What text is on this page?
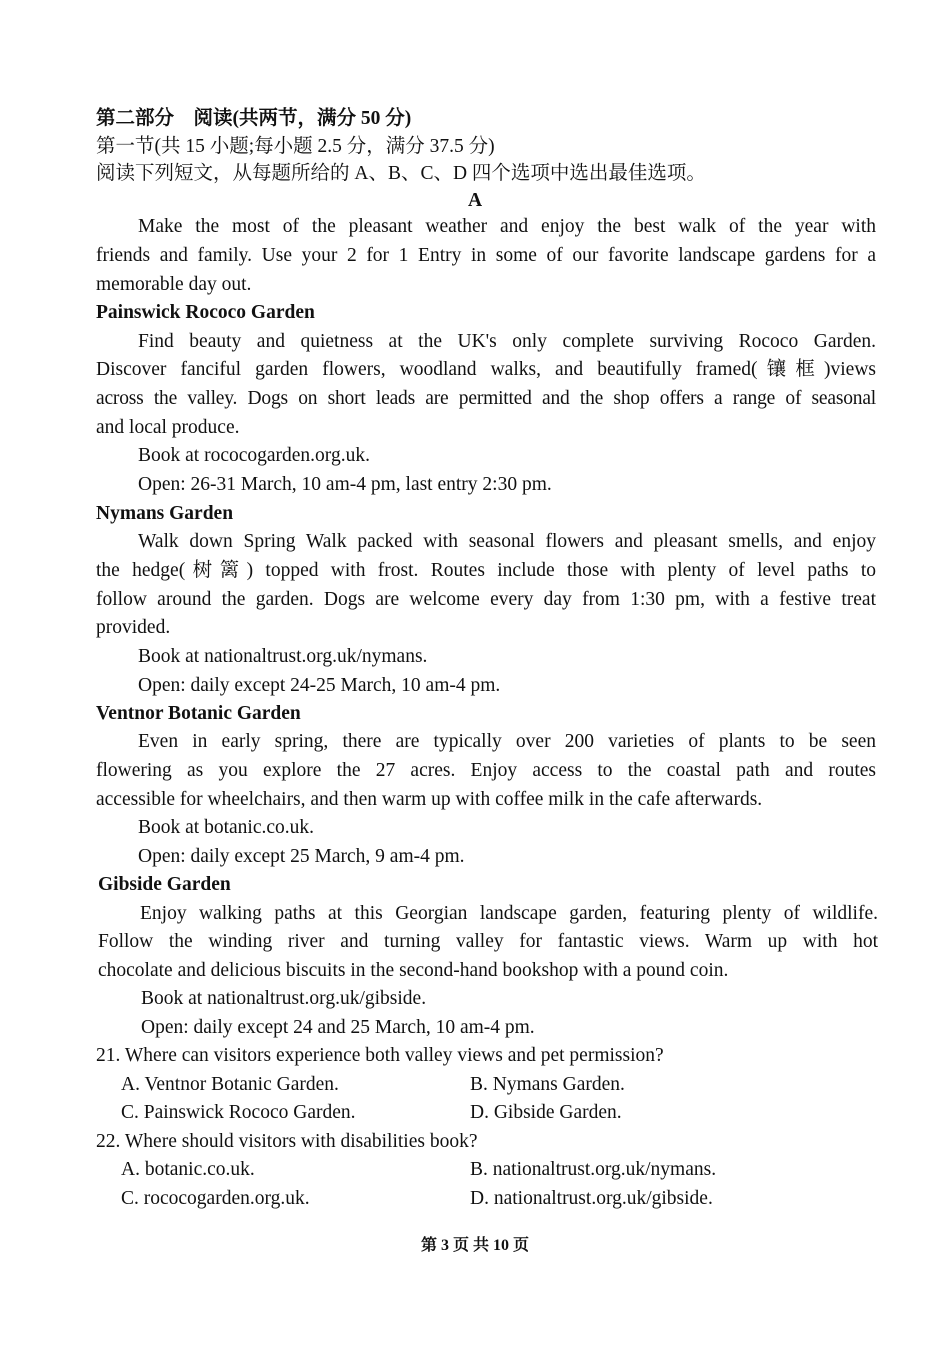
第二部分　阅读(共两节，满分 50 分)
第一节(共 15 小题;每小题 2.5 分，满分 37.5 分)
阅读下列短文，从每题所给的 A、B、C、D 四个选项中选出最佳选项。
A
Make the most of the pleasant weather and enjoy the best walk of the year with
friends and family. Use your 2 for 1 Entry in some of our favorite landscape gardens for a
memorable day out.
Painswick Rococo Garden
Find beauty and quietness at the UK's only complete surviving Rococo Garden.
Discover fanciful garden flowers, woodland walks, and beautifully framed(镶框)views
across the valley. Dogs on short leads are permitted and the shop offers a range of seasonal
and local produce.
Book at rococogarden.org.uk.
Open: 26-31 March, 10 am-4 pm, last entry 2:30 pm.
Nymans Garden
Walk down Spring Walk packed with seasonal flowers and pleasant smells, and enjoy
the hedge(树篱) topped with frost. Routes include those with plenty of level paths to
follow around the garden. Dogs are welcome every day from 1:30 pm, with a festive treat
provided.
Book at nationaltrust.org.uk/nymans.
Open: daily except 24-25 March, 10 am-4 pm.
Ventnor Botanic Garden
Even in early spring, there are typically over 200 varieties of plants to be seen
flowering as you explore the 27 acres. Enjoy access to the coastal path and routes
accessible for wheelchairs, and then warm up with coffee milk in the cafe afterwards.
Book at botanic.co.uk.
Open: daily except 25 March, 9 am-4 pm.
Gibside Garden
Enjoy walking paths at this Georgian landscape garden, featuring plenty of wildlife.
Follow the winding river and turning valley for fantastic views. Warm up with hot
chocolate and delicious biscuits in the second-hand bookshop with a pound coin.
Book at nationaltrust.org.uk/gibside.
Open: daily except 24 and 25 March, 10 am-4 pm.
21. Where can visitors experience both valley views and pet permission?
A. Ventnor Botanic Garden.	B. Nymans Garden.
C. Painswick Rococo Garden.	D. Gibside Garden.
22. Where should visitors with disabilities book?
A. botanic.co.uk.	B. nationaltrust.org.uk/nymans.
C. rococogarden.org.uk.	D. nationaltrust.org.uk/gibside.
第 3 页 共 10 页
